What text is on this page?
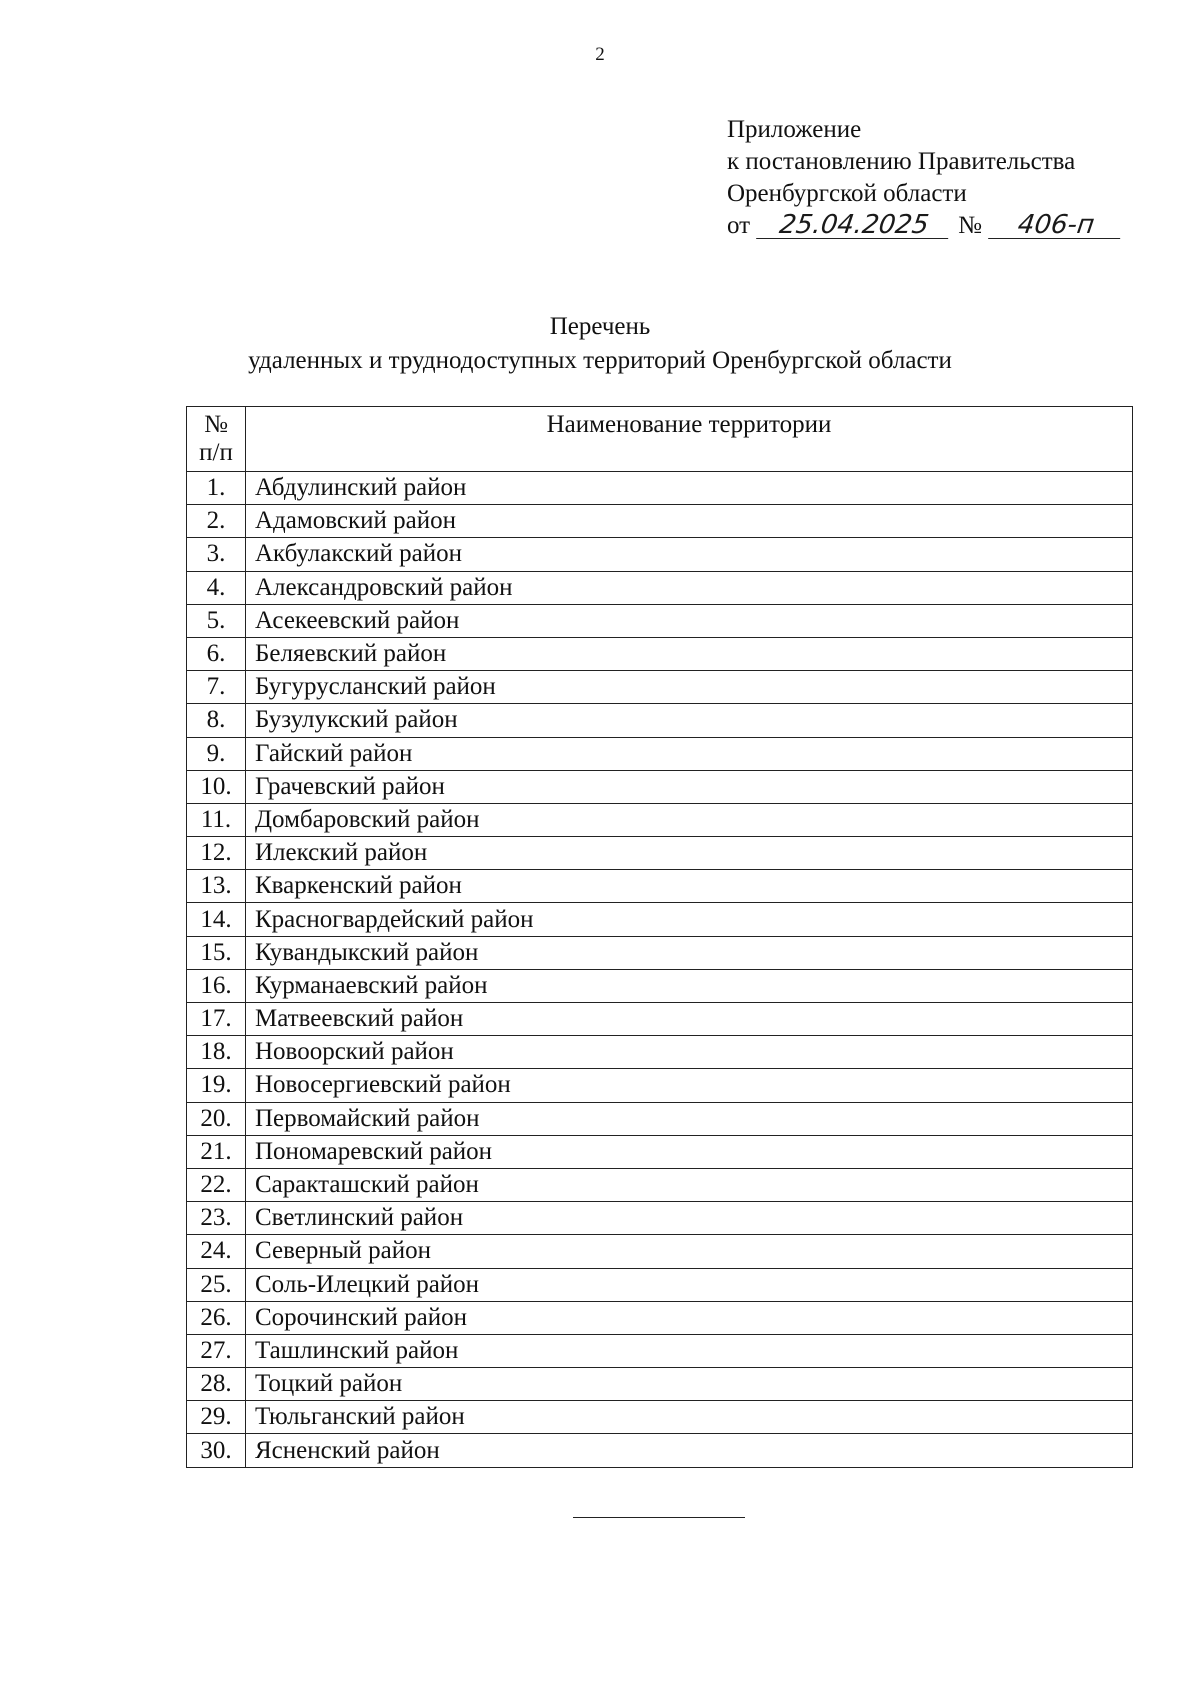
2
Приложение
к постановлению Правительства
Оренбургской области
от 25.04.2025 № 406-п
Перечень
удаленных и труднодоступных территорий Оренбургской области
№
п/п	Наименование территории
1.	Абдулинский район
2.	Адамовский район
3.	Акбулакский район
4.	Александровский район
5.	Асекеевский район
6.	Беляевский район
7.	Бугурусланский район
8.	Бузулукский район
9.	Гайский район
10.	Грачевский район
11.	Домбаровский район
12.	Илекский район
13.	Кваркенский район
14.	Красногвардейский район
15.	Кувандыкский район
16.	Курманаевский район
17.	Матвеевский район
18.	Новоорский район
19.	Новосергиевский район
20.	Первомайский район
21.	Пономаревский район
22.	Саракташский район
23.	Светлинский район
24.	Северный район
25.	Соль-Илецкий район
26.	Сорочинский район
27.	Ташлинский район
28.	Тоцкий район
29.	Тюльганский район
30.	Ясненский район
